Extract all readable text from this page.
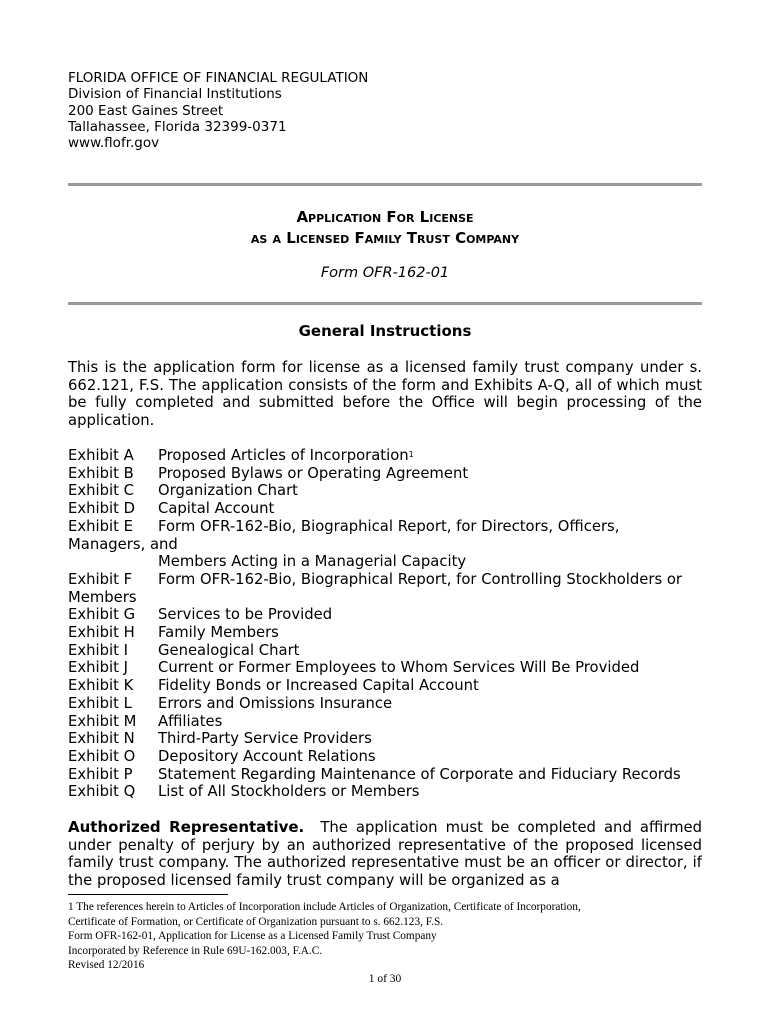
FLORIDA OFFICE OF FINANCIAL REGULATION
Division of Financial Institutions
200 East Gaines Street
Tallahassee, Florida 32399-0371
www.flofr.gov
Application For License
as a Licensed Family Trust Company
Form OFR-162-01
General Instructions
This is the application form for license as a licensed family trust company under s. 662.121, F.S. The application consists of the form and Exhibits A-Q, all of which must be fully completed and submitted before the Office will begin processing of the application.
Exhibit A Proposed Articles of Incorporation$^1$
Exhibit B Proposed Bylaws or Operating Agreement
Exhibit C Organization Chart
Exhibit D Capital Account
Exhibit E Form OFR-162-Bio, Biographical Report, for Directors, Officers,
Managers, and
Members Acting in a Managerial Capacity
Exhibit F Form OFR-162-Bio, Biographical Report, for Controlling Stockholders or
Members
Exhibit G Services to be Provided
Exhibit H Family Members
Exhibit I Genealogical Chart
Exhibit J Current or Former Employees to Whom Services Will Be Provided
Exhibit K Fidelity Bonds or Increased Capital Account
Exhibit L Errors and Omissions Insurance
Exhibit M Affiliates
Exhibit N Third-Party Service Providers
Exhibit O Depository Account Relations
Exhibit P Statement Regarding Maintenance of Corporate and Fiduciary Records
Exhibit Q List of All Stockholders or Members
Authorized Representative. The application must be completed and affirmed under penalty of perjury by an authorized representative of the proposed licensed family trust company. The authorized representative must be an officer or director, if the proposed licensed family trust company will be organized as a
1 The references herein to Articles of Incorporation include Articles of Organization, Certificate of Incorporation,
Certificate of Formation, or Certificate of Organization pursuant to s. 662.123, F.S.
Form OFR-162-01, Application for License as a Licensed Family Trust Company
Incorporated by Reference in Rule 69U-162.003, F.A.C.
Revised 12/2016
1 of 30
